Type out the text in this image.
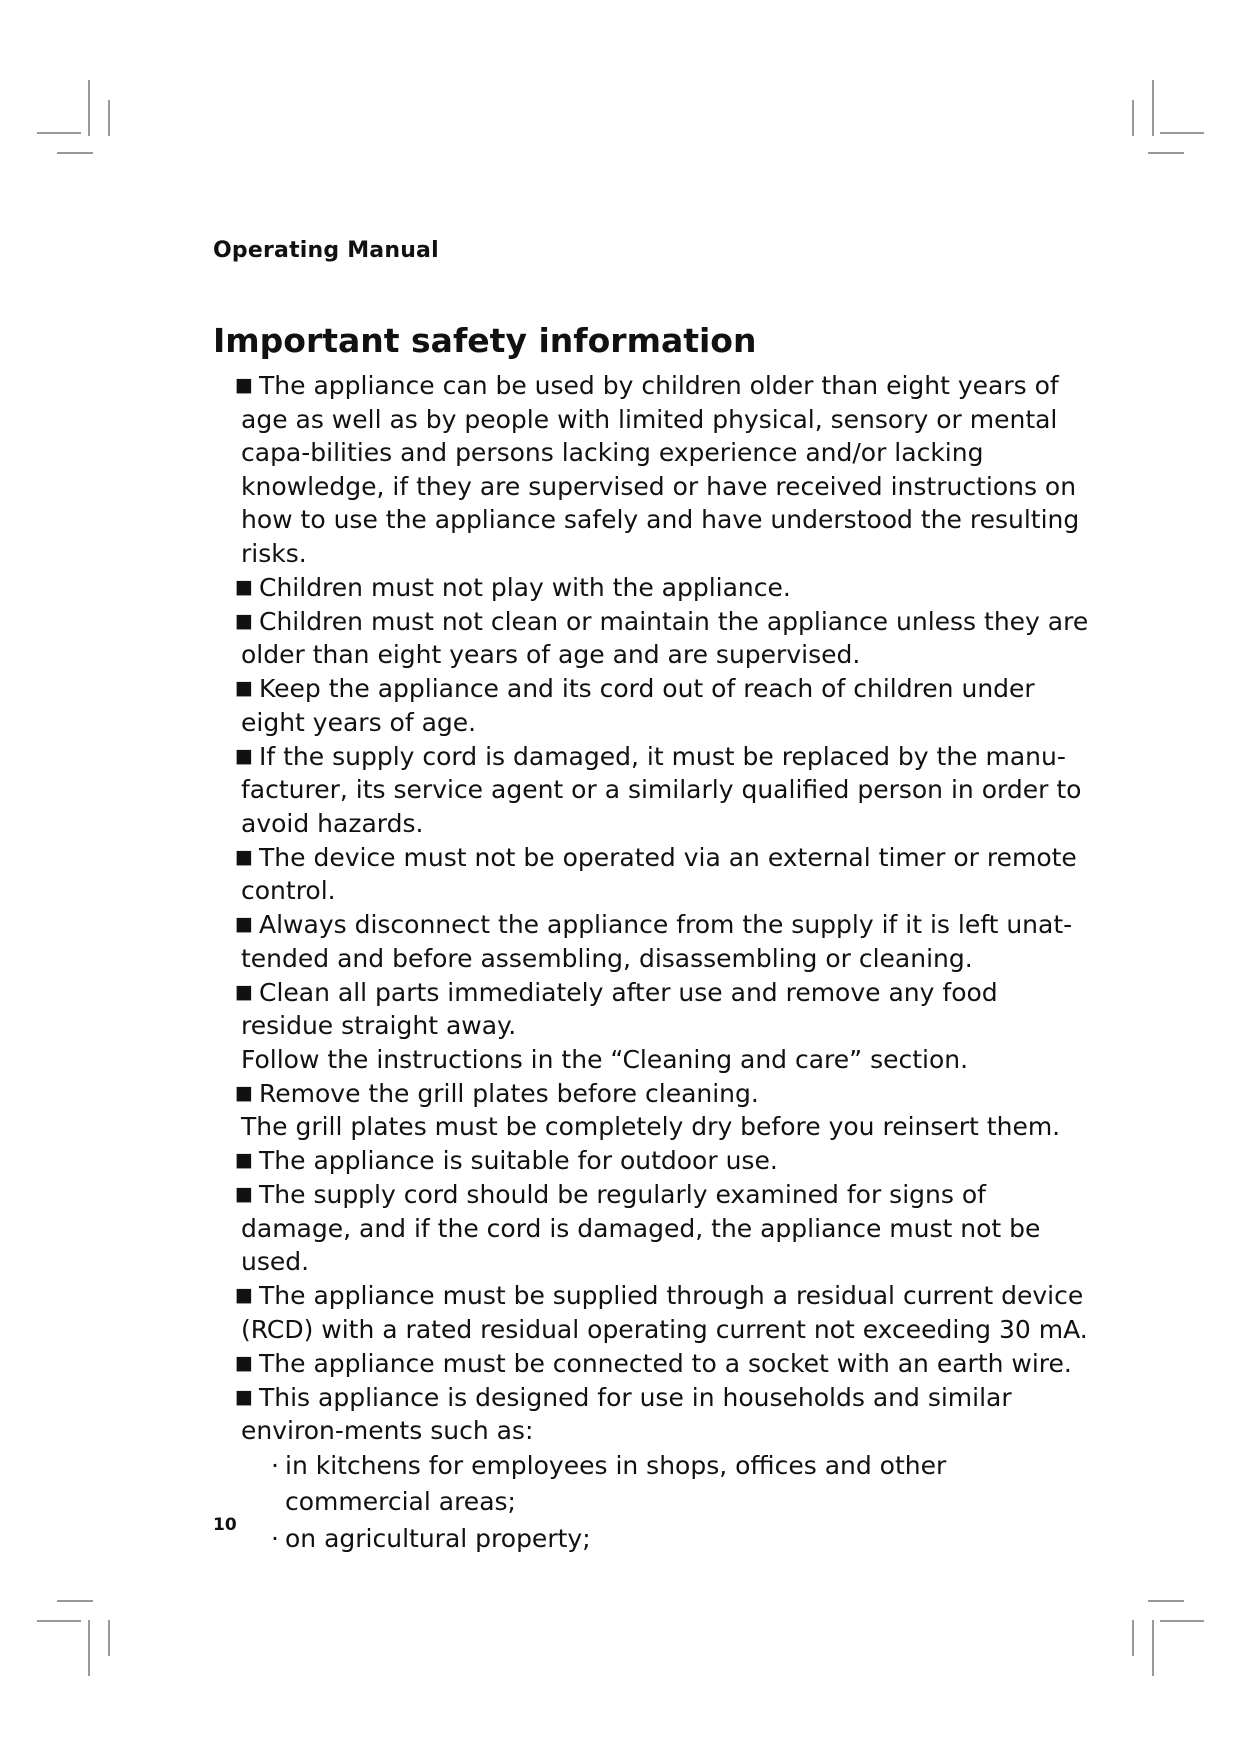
Operating Manual
Important safety information
■ The appliance can be used by children older than eight years of age as well as by people with limited physical, sensory or mental capa-bilities and persons lacking experience and/or lacking knowledge, if they are supervised or have received instructions on how to use the appliance safely and have understood the resulting risks.
■ Children must not play with the appliance.
■ Children must not clean or maintain the appliance unless they are older than eight years of age and are supervised.
■ Keep the appliance and its cord out of reach of children under eight years of age.
■ If the supply cord is damaged, it must be replaced by the manu-facturer, its service agent or a similarly qualified person in order to avoid hazards.
■ The device must not be operated via an external timer or remote control.
■ Always disconnect the appliance from the supply if it is left unat-tended and before assembling, disassembling or cleaning.
■ Clean all parts immediately after use and remove any food residue straight away.
Follow the instructions in the “Cleaning and care” section.
■ Remove the grill plates before cleaning.
The grill plates must be completely dry before you reinsert them.
■ The appliance is suitable for outdoor use.
■ The supply cord should be regularly examined for signs of damage, and if the cord is damaged, the appliance must not be used.
■ The appliance must be supplied through a residual current device (RCD) with a rated residual operating current not exceeding 30 mA.
■ The appliance must be connected to a socket with an earth wire.
■ This appliance is designed for use in households and similar environ-ments such as:
· in kitchens for employees in shops, offices and other commercial areas;
· on agricultural property;
10
